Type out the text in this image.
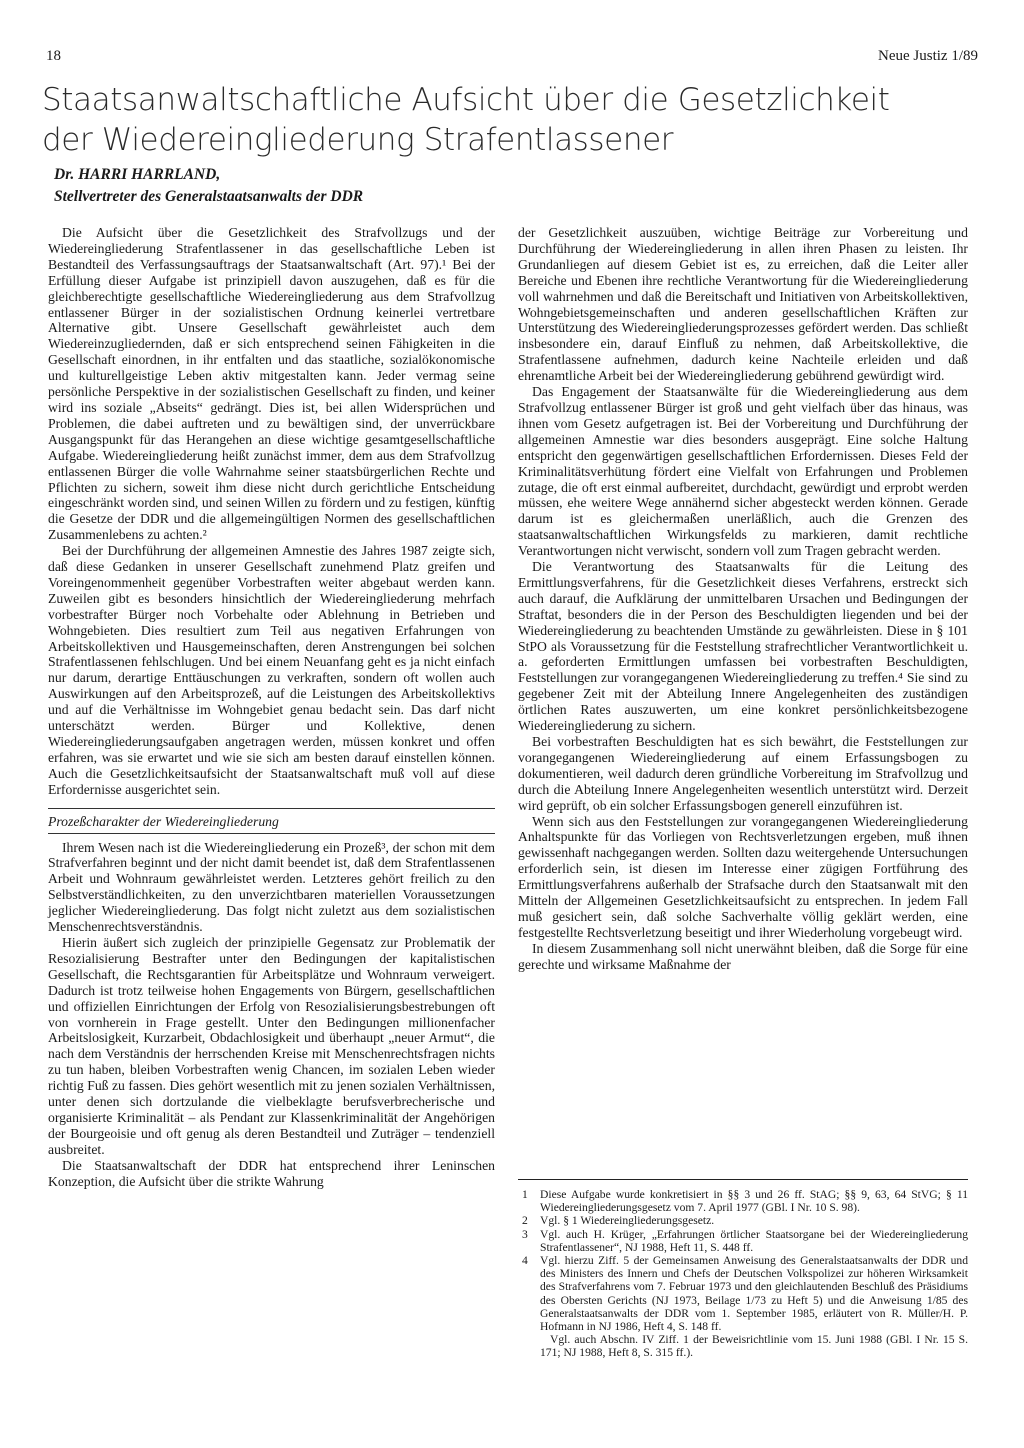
18	Neue Justiz 1/89
Staatsanwaltschaftliche Aufsicht über die Gesetzlichkeit
der Wiedereingliederung Strafentlassener
Dr. HARRI HARRLAND,
Stellvertreter des Generalstaatsanwalts der DDR

Die Aufsicht über die Gesetzlichkeit des Strafvollzugs und der Wiedereingliederung Strafentlassener in das gesellschaftliche Leben ist Bestandteil des Verfassungsauftrags der Staatsanwaltschaft (Art. 97).¹ Bei der Erfüllung dieser Aufgabe ist prinzipiell davon auszugehen, daß es für die gleichberechtigte gesellschaftliche Wiedereingliederung aus dem Strafvollzug entlassener Bürger in der sozialistischen Ordnung keinerlei vertretbare Alternative gibt. Unsere Gesellschaft gewährleistet auch dem Wiedereinzugliedernden, daß er sich entsprechend seinen Fähigkeiten in die Gesellschaft einordnen, in ihr entfalten und das staatliche, sozialökonomische und kulturellgeistige Leben aktiv mitgestalten kann. Jeder vermag seine persönliche Perspektive in der sozialistischen Gesellschaft zu finden, und keiner wird ins soziale „Abseits“ gedrängt. Dies ist, bei allen Widersprüchen und Problemen, die dabei auftreten und zu bewältigen sind, der unverrückbare Ausgangspunkt für das Herangehen an diese wichtige gesamtgesellschaftliche Aufgabe. Wiedereingliederung heißt zunächst immer, dem aus dem Strafvollzug entlassenen Bürger die volle Wahrnahme seiner staatsbürgerlichen Rechte und Pflichten zu sichern, soweit ihm diese nicht durch gerichtliche Entscheidung eingeschränkt worden sind, und seinen Willen zu fördern und zu festigen, künftig die Gesetze der DDR und die allgemeingültigen Normen des gesellschaftlichen Zusammenlebens zu achten.²

Bei der Durchführung der allgemeinen Amnestie des Jahres 1987 zeigte sich, daß diese Gedanken in unserer Gesellschaft zunehmend Platz greifen und Voreingenommenheit gegenüber Vorbestraften weiter abgebaut werden kann. Zuweilen gibt es besonders hinsichtlich der Wiedereingliederung mehrfach vorbestrafter Bürger noch Vorbehalte oder Ablehnung in Betrieben und Wohngebieten. Dies resultiert zum Teil aus negativen Erfahrungen von Arbeitskollektiven und Hausgemeinschaften, deren Anstrengungen bei solchen Strafentlassenen fehlschlugen. Und bei einem Neuanfang geht es ja nicht einfach nur darum, derartige Enttäuschungen zu verkraften, sondern oft wollen auch Auswirkungen auf den Arbeitsprozeß, auf die Leistungen des Arbeitskollektivs und auf die Verhältnisse im Wohngebiet genau bedacht sein. Das darf nicht unterschätzt werden. Bürger und Kollektive, denen Wiedereingliederungsaufgaben angetragen werden, müssen konkret und offen erfahren, was sie erwartet und wie sie sich am besten darauf einstellen können. Auch die Gesetzlichkeitsaufsicht der Staatsanwaltschaft muß voll auf diese Erfordernisse ausgerichtet sein.

Prozeßcharakter der Wiedereingliederung

Ihrem Wesen nach ist die Wiedereingliederung ein Prozeß³, der schon mit dem Strafverfahren beginnt und der nicht damit beendet ist, daß dem Strafentlassenen Arbeit und Wohnraum gewährleistet werden. Letzteres gehört freilich zu den Selbstverständlichkeiten, zu den unverzichtbaren materiellen Voraussetzungen jeglicher Wiedereingliederung. Das folgt nicht zuletzt aus dem sozialistischen Menschenrechtsverständnis.

Hierin äußert sich zugleich der prinzipielle Gegensatz zur Problematik der Resozialisierung Bestrafter unter den Bedingungen der kapitalistischen Gesellschaft, die Rechtsgarantien für Arbeitsplätze und Wohnraum verweigert. Dadurch ist trotz teilweise hohen Engagements von Bürgern, gesellschaftlichen und offiziellen Einrichtungen der Erfolg von Resozialisierungsbestrebungen oft von vornherein in Frage gestellt. Unter den Bedingungen millionenfacher Arbeitslosigkeit, Kurzarbeit, Obdachlosigkeit und überhaupt „neuer Armut“, die nach dem Verständnis der herrschenden Kreise mit Menschenrechtsfragen nichts zu tun haben, bleiben Vorbestraften wenig Chancen, im sozialen Leben wieder richtig Fuß zu fassen. Dies gehört wesentlich mit zu jenen sozialen Verhältnissen, unter denen sich dortzulande die vielbeklagte berufsverbrecherische und organisierte Kriminalität – als Pendant zur Klassenkriminalität der Angehörigen der Bourgeoisie und oft genug als deren Bestandteil und Zuträger – tendenziell ausbreitet.

Die Staatsanwaltschaft der DDR hat entsprechend ihrer Leninschen Konzeption, die Aufsicht über die strikte Wahrung

der Gesetzlichkeit auszuüben, wichtige Beiträge zur Vorbereitung und Durchführung der Wiedereingliederung in allen ihren Phasen zu leisten. Ihr Grundanliegen auf diesem Gebiet ist es, zu erreichen, daß die Leiter aller Bereiche und Ebenen ihre rechtliche Verantwortung für die Wiedereingliederung voll wahrnehmen und daß die Bereitschaft und Initiativen von Arbeitskollektiven, Wohngebietsgemeinschaften und anderen gesellschaftlichen Kräften zur Unterstützung des Wiedereingliederungsprozesses gefördert werden. Das schließt insbesondere ein, darauf Einfluß zu nehmen, daß Arbeitskollektive, die Strafentlassene aufnehmen, dadurch keine Nachteile erleiden und daß ehrenamtliche Arbeit bei der Wiedereingliederung gebührend gewürdigt wird.

Das Engagement der Staatsanwälte für die Wiedereingliederung aus dem Strafvollzug entlassener Bürger ist groß und geht vielfach über das hinaus, was ihnen vom Gesetz aufgetragen ist. Bei der Vorbereitung und Durchführung der allgemeinen Amnestie war dies besonders ausgeprägt. Eine solche Haltung entspricht den gegenwärtigen gesellschaftlichen Erfordernissen. Dieses Feld der Kriminalitätsverhütung fördert eine Vielfalt von Erfahrungen und Problemen zutage, die oft erst einmal aufbereitet, durchdacht, gewürdigt und erprobt werden müssen, ehe weitere Wege annähernd sicher abgesteckt werden können. Gerade darum ist es gleichermaßen unerläßlich, auch die Grenzen des staatsanwaltschaftlichen Wirkungsfelds zu markieren, damit rechtliche Verantwortungen nicht verwischt, sondern voll zum Tragen gebracht werden.

Die Verantwortung des Staatsanwalts für die Leitung des Ermittlungsverfahrens, für die Gesetzlichkeit dieses Verfahrens, erstreckt sich auch darauf, die Aufklärung der unmittelbaren Ursachen und Bedingungen der Straftat, besonders die in der Person des Beschuldigten liegenden und bei der Wiedereingliederung zu beachtenden Umstände zu gewährleisten. Diese in § 101 StPO als Voraussetzung für die Feststellung strafrechtlicher Verantwortlichkeit u. a. geforderten Ermittlungen umfassen bei vorbestraften Beschuldigten, Feststellungen zur vorangegangenen Wiedereingliederung zu treffen.⁴ Sie sind zu gegebener Zeit mit der Abteilung Innere Angelegenheiten des zuständigen örtlichen Rates auszuwerten, um eine konkret persönlichkeitsbezogene Wiedereingliederung zu sichern.

Bei vorbestraften Beschuldigten hat es sich bewährt, die Feststellungen zur vorangegangenen Wiedereingliederung auf einem Erfassungsbogen zu dokumentieren, weil dadurch deren gründliche Vorbereitung im Strafvollzug und durch die Abteilung Innere Angelegenheiten wesentlich unterstützt wird. Derzeit wird geprüft, ob ein solcher Erfassungsbogen generell einzuführen ist.

Wenn sich aus den Feststellungen zur vorangegangenen Wiedereingliederung Anhaltspunkte für das Vorliegen von Rechtsverletzungen ergeben, muß ihnen gewissenhaft nachgegangen werden. Sollten dazu weitergehende Untersuchungen erforderlich sein, ist diesen im Interesse einer zügigen Fortführung des Ermittlungsverfahrens außerhalb der Strafsache durch den Staatsanwalt mit den Mitteln der Allgemeinen Gesetzlichkeitsaufsicht zu entsprechen. In jedem Fall muß gesichert sein, daß solche Sachverhalte völlig geklärt werden, eine festgestellte Rechtsverletzung beseitigt und ihrer Wiederholung vorgebeugt wird.

In diesem Zusammenhang soll nicht unerwähnt bleiben, daß die Sorge für eine gerechte und wirksame Maßnahme der

1	Diese Aufgabe wurde konkretisiert in §§ 3 und 26 ff. StAG; §§ 9, 63, 64 StVG; § 11 Wiedereingliederungsgesetz vom 7. April 1977 (GBl. I Nr. 10 S. 98).
2	Vgl. § 1 Wiedereingliederungsgesetz.
3	Vgl. auch H. Krüger, „Erfahrungen örtlicher Staatsorgane bei der Wiedereingliederung Strafentlassener“, NJ 1988, Heft 11, S. 448 ff.
4	Vgl. hierzu Ziff. 5 der Gemeinsamen Anweisung des Generalstaatsanwalts der DDR und des Ministers des Innern und Chefs der Deutschen Volkspolizei zur höheren Wirksamkeit des Strafverfahrens vom 7. Februar 1973 und den gleichlautenden Beschluß des Präsidiums des Obersten Gerichts (NJ 1973, Beilage 1/73 zu Heft 5) und die Anweisung 1/85 des Generalstaatsanwalts der DDR vom 1. September 1985, erläutert von R. Müller/H. P. Hofmann in NJ 1986, Heft 4, S. 148 ff.
Vgl. auch Abschn. IV Ziff. 1 der Beweisrichtlinie vom 15. Juni 1988 (GBl. I Nr. 15 S. 171; NJ 1988, Heft 8, S. 315 ff.).
